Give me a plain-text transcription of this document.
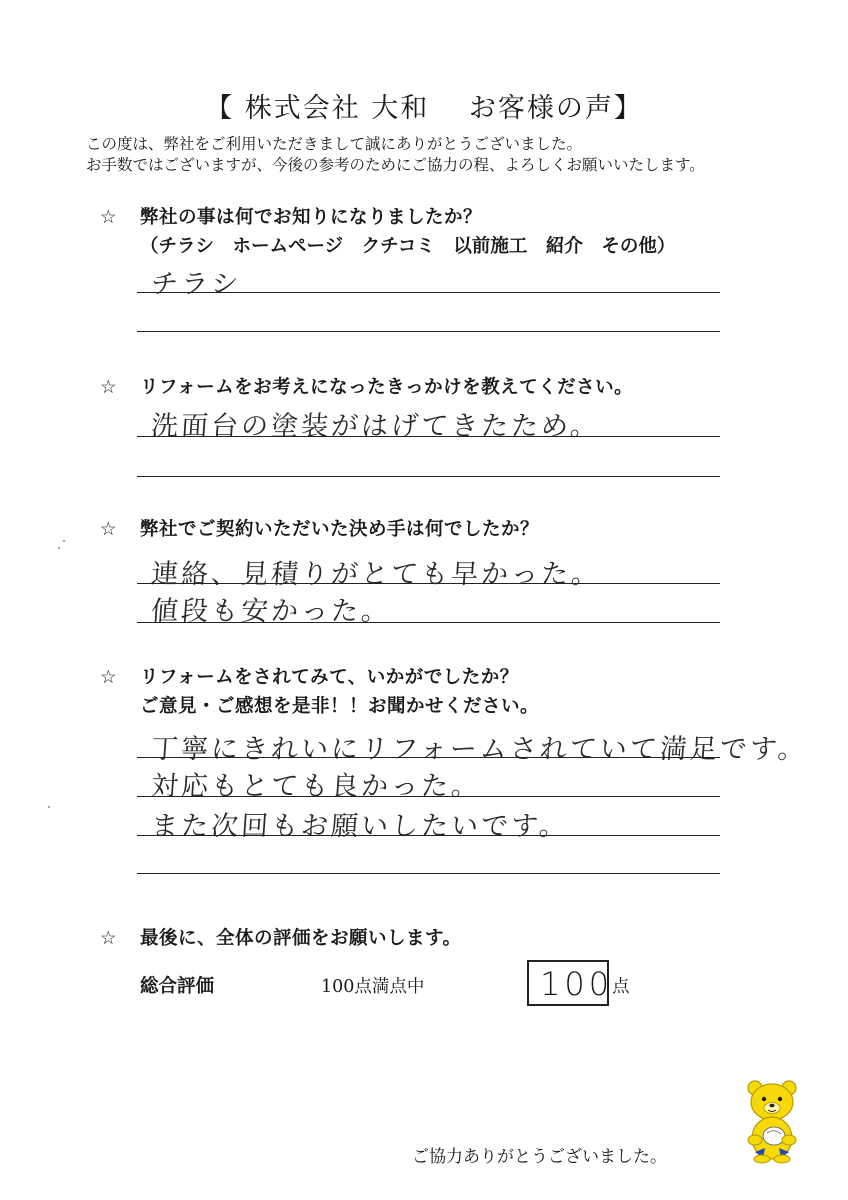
【 株式会社 大和　 お客様の声】
この度は、弊社をご利用いただきまして誠にありがとうございました。
お手数ではございますが、今後の参考のためにご協力の程、よろしくお願いいたします。
☆ 弊社の事は何でお知りになりましたか？
（チラシ　ホームページ　クチコミ　以前施工　紹介　その他）
チラシ
☆ リフォームをお考えになったきっかけを教えてください。
洗面台の塗装がはげてきたため。
☆ 弊社でご契約いただいた決め手は何でしたか？
連絡、見積りがとても早かった。
値段も安かった。
☆ リフォームをされてみて、いかがでしたか？
ご意見・ご感想を是非！！お聞かせください。
丁寧にきれいにリフォームされていて満足です。
対応もとても良かった。
また次回もお願いしたいです。
☆ 最後に、全体の評価をお願いします。
総合評価	100点満点中	100
点
ご協力ありがとうございました。
